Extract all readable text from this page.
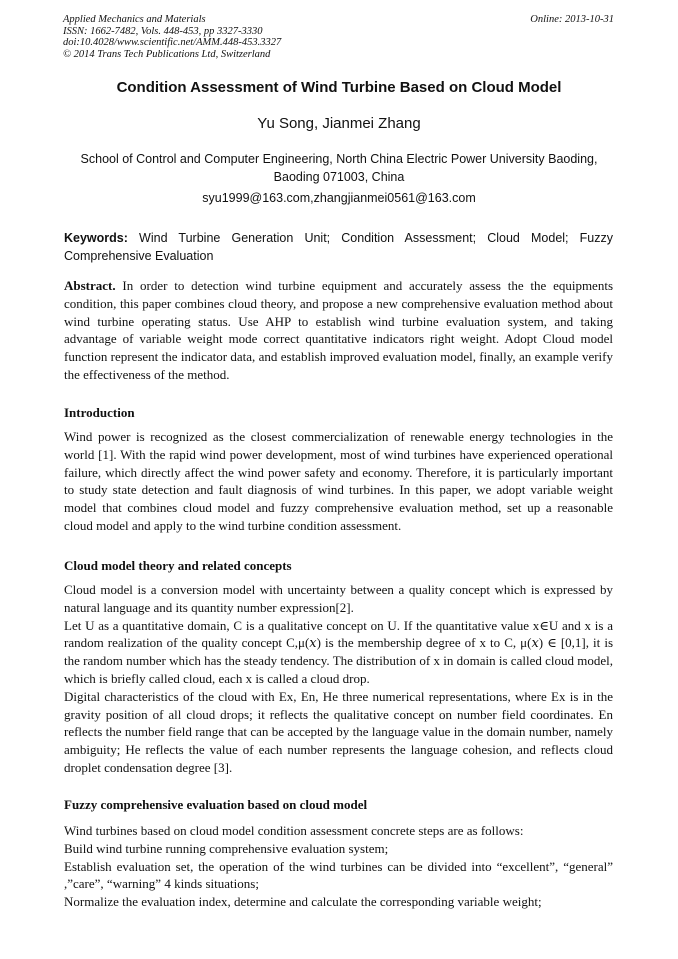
Applied Mechanics and Materials
ISSN: 1662-7482, Vols. 448-453, pp 3327-3330
doi:10.4028/www.scientific.net/AMM.448-453.3327
© 2014 Trans Tech Publications Ltd, Switzerland
Online: 2013-10-31
Condition Assessment of Wind Turbine Based on Cloud Model
Yu Song, Jianmei Zhang
School of Control and Computer Engineering, North China Electric Power University Baoding, Baoding 071003, China
syu1999@163.com,zhangjianmei0561@163.com
Keywords: Wind Turbine Generation Unit; Condition Assessment; Cloud Model; Fuzzy Comprehensive Evaluation
Abstract. In order to detection wind turbine equipment and accurately assess the the equipments condition, this paper combines cloud theory, and propose a new comprehensive evaluation method about wind turbine operating status. Use AHP to establish wind turbine evaluation system, and taking advantage of variable weight mode correct quantitative indicators right weight. Adopt Cloud model function represent the indicator data, and establish improved evaluation model, finally, an example verify the effectiveness of the method.
Introduction

Wind power is recognized as the closest commercialization of renewable energy technologies in the world [1]. With the rapid wind power development, most of wind turbines have experienced operational failure, which directly affect the wind power safety and economy. Therefore, it is particularly important to study state detection and fault diagnosis of wind turbines. In this paper, we adopt variable weight model that combines cloud model and fuzzy comprehensive evaluation method, set up a reasonable cloud model and apply to the wind turbine condition assessment.

Cloud model theory and related concepts

Cloud model is a conversion model with uncertainty between a quality concept which is expressed by natural language and its quantity number expression[2].

Let U as a quantitative domain, C is a qualitative concept on U. If the quantitative value x∈U and x is a random realization of the quality concept C,μ(𝑥) is the membership degree of x to C, μ(𝑥) ∈ [0,1], it is the random number which has the steady tendency. The distribution of x in domain is called cloud model, which is briefly called cloud, each x is called a cloud drop.

Digital characteristics of the cloud with Ex, En, He three numerical representations, where Ex is in the gravity position of all cloud drops; it reflects the qualitative concept on number field coordinates. En reflects the number field range that can be accepted by the language value in the domain number, namely ambiguity; He reflects the value of each number represents the language cohesion, and reflects cloud droplet condensation degree [3].

Fuzzy comprehensive evaluation based on cloud model

Wind turbines based on cloud model condition assessment concrete steps are as follows:

Build wind turbine running comprehensive evaluation system;

Establish evaluation set, the operation of the wind turbines can be divided into “excellent”, “general” ,”care”, “warning” 4 kinds situations;

Normalize the evaluation index, determine and calculate the corresponding variable weight;
